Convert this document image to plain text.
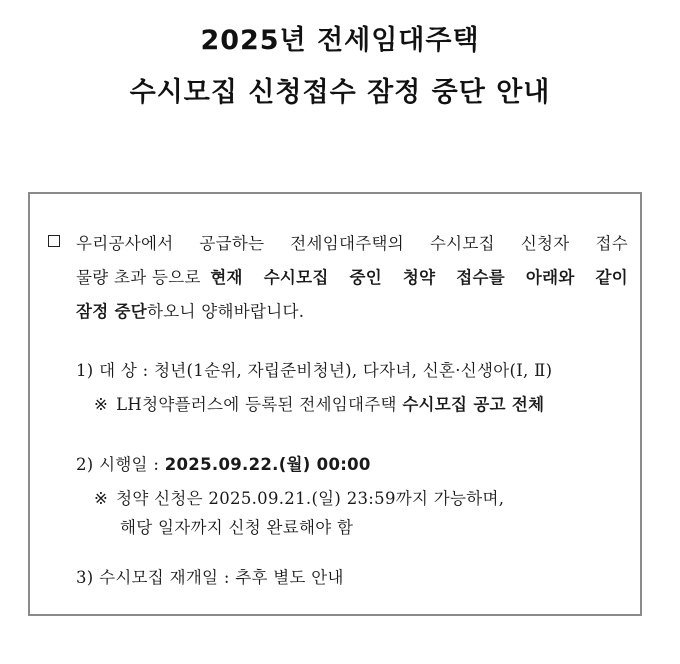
2025년 전세임대주택
수시모집 신청접수 잠정 중단 안내
우리공사에서 공급하는 전세임대주택의 수시모집 신청자 접수
물량 초과 등으로 현재 수시모집 중인 청약 접수를 아래와 같이
잠정 중단하오니 양해바랍니다.
1) 대 상 : 청년(1순위, 자립준비청년), 다자녀, 신혼·신생아(Ⅰ, Ⅱ)
※ LH청약플러스에 등록된 전세임대주택 수시모집 공고 전체
2) 시행일 : 2025.09.22.(월) 00:00
※ 청약 신청은 2025.09.21.(일) 23:59까지 가능하며,
해당 일자까지 신청 완료해야 함
3) 수시모집 재개일 : 추후 별도 안내
